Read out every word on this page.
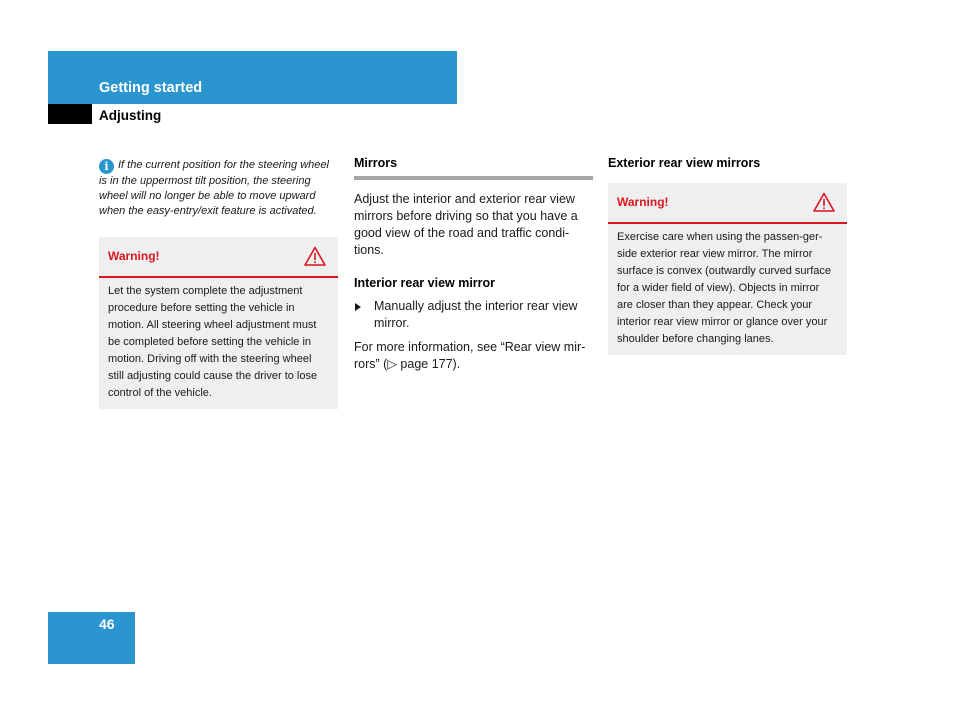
Getting started
Adjusting
i If the current position for the steering wheel is in the uppermost tilt position, the steering wheel will no longer be able to move upward when the easy-entry/exit feature is activated.
Warning!
Let the system complete the adjustment procedure before setting the vehicle in motion. All steering wheel adjustment must be completed before setting the vehicle in motion. Driving off with the steering wheel still adjusting could cause the driver to lose control of the vehicle.
Mirrors

Adjust the interior and exterior rear view mirrors before driving so that you have a good view of the road and traffic condi-tions.

Interior rear view mirror

Manually adjust the interior rear view mirror.

For more information, see “Rear view mir-rors” (▷ page 177).

Exterior rear view mirrors
Warning!
Exercise care when using the passen-ger-side exterior rear view mirror. The mirror surface is convex (outwardly curved surface for a wider field of view). Objects in mirror are closer than they appear. Check your interior rear view mirror or glance over your shoulder before changing lanes.
46
